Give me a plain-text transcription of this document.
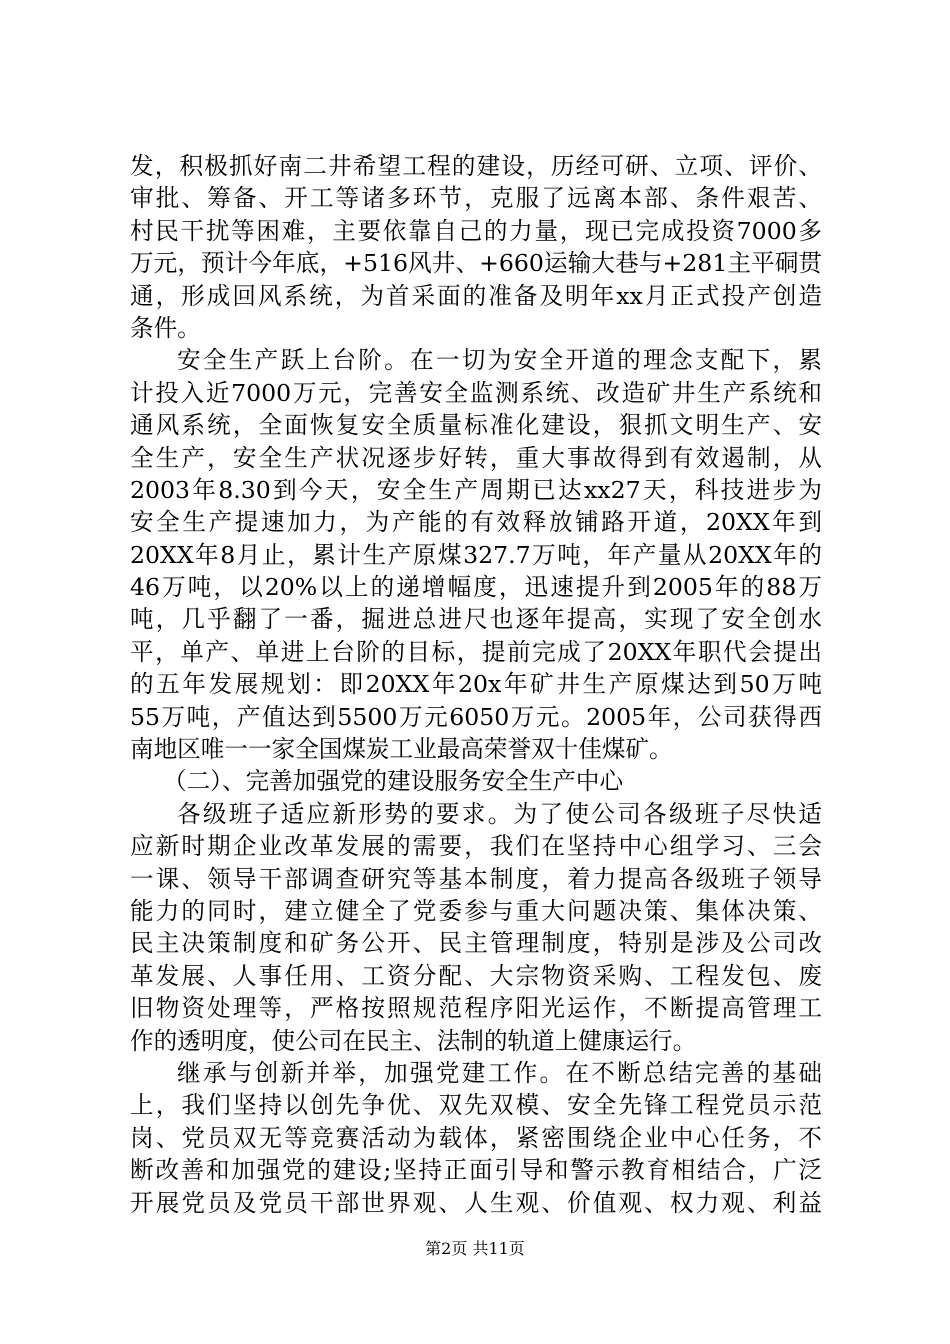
发，积极抓好南二井希望工程的建设，历经可研、立项、评价、
审批、筹备、开工等诸多环节，克服了远离本部、条件艰苦、
村民干扰等困难，主要依靠自己的力量，现已完成投资7000多
万元，预计今年底，+516风井、+660运输大巷与+281主平硐贯
通，形成回风系统，为首采面的准备及明年xx月正式投产创造
条件。
安全生产跃上台阶。在一切为安全开道的理念支配下，累
计投入近7000万元，完善安全监测系统、改造矿井生产系统和
通风系统，全面恢复安全质量标准化建设，狠抓文明生产、安
全生产，安全生产状况逐步好转，重大事故得到有效遏制，从
2003年8.30到今天，安全生产周期已达xx27天，科技进步为
安全生产提速加力，为产能的有效释放铺路开道，20XX年到
20XX年8月止，累计生产原煤327.7万吨，年产量从20XX年的
46万吨，以20%以上的递增幅度，迅速提升到2005年的88万
吨，几乎翻了一番，掘进总进尺也逐年提高，实现了安全创水
平，单产、单进上台阶的目标，提前完成了20XX年职代会提出
的五年发展规划：即20XX年20x年矿井生产原煤达到50万吨
55万吨，产值达到5500万元6050万元。2005年，公司获得西
南地区唯一一家全国煤炭工业最高荣誉双十佳煤矿。
（二）、完善加强党的建设服务安全生产中心
各级班子适应新形势的要求。为了使公司各级班子尽快适
应新时期企业改革发展的需要，我们在坚持中心组学习、三会
一课、领导干部调查研究等基本制度，着力提高各级班子领导
能力的同时，建立健全了党委参与重大问题决策、集体决策、
民主决策制度和矿务公开、民主管理制度，特别是涉及公司改
革发展、人事任用、工资分配、大宗物资采购、工程发包、废
旧物资处理等，严格按照规范程序阳光运作，不断提高管理工
作的透明度，使公司在民主、法制的轨道上健康运行。
继承与创新并举，加强党建工作。在不断总结完善的基础
上，我们坚持以创先争优、双先双模、安全先锋工程党员示范
岗、党员双无等竞赛活动为载体，紧密围绕企业中心任务，不
断改善和加强党的建设;坚持正面引导和警示教育相结合，广泛
开展党员及党员干部世界观、人生观、价值观、权力观、利益
第2页 共11页
